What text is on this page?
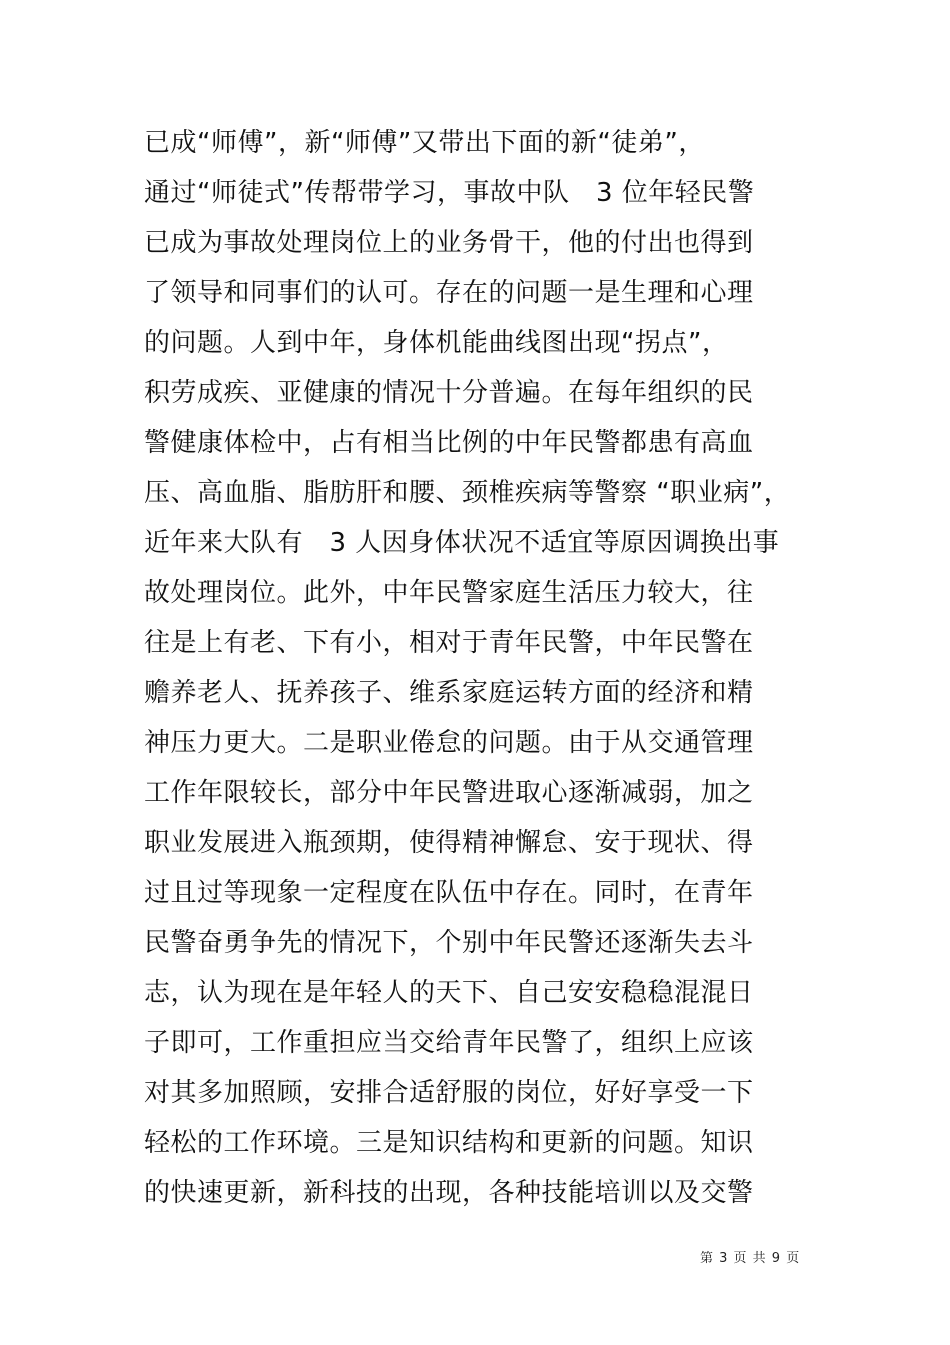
已成“师傅”，新“师傅”又带出下面的新“徒弟”，
通过“师徒式”传帮带学习，事故中队　3 位年轻民警
已成为事故处理岗位上的业务骨干，他的付出也得到
了领导和同事们的认可。存在的问题一是生理和心理
的问题。人到中年，身体机能曲线图出现“拐点”，
积劳成疾、亚健康的情况十分普遍。在每年组织的民
警健康体检中，占有相当比例的中年民警都患有高血
压、高血脂、脂肪肝和腰、颈椎疾病等警察 “职业病”，
近年来大队有　3 人因身体状况不适宜等原因调换出事
故处理岗位。此外，中年民警家庭生活压力较大，往
往是上有老、下有小，相对于青年民警，中年民警在
赡养老人、抚养孩子、维系家庭运转方面的经济和精
神压力更大。二是职业倦怠的问题。由于从交通管理
工作年限较长，部分中年民警进取心逐渐减弱，加之
职业发展进入瓶颈期，使得精神懈怠、安于现状、得
过且过等现象一定程度在队伍中存在。同时，在青年
民警奋勇争先的情况下，个别中年民警还逐渐失去斗
志，认为现在是年轻人的天下、自己安安稳稳混混日
子即可，工作重担应当交给青年民警了，组织上应该
对其多加照顾，安排合适舒服的岗位，好好享受一下
轻松的工作环境。三是知识结构和更新的问题。知识
的快速更新，新科技的出现，各种技能培训以及交警
第 3 页 共 9 页
